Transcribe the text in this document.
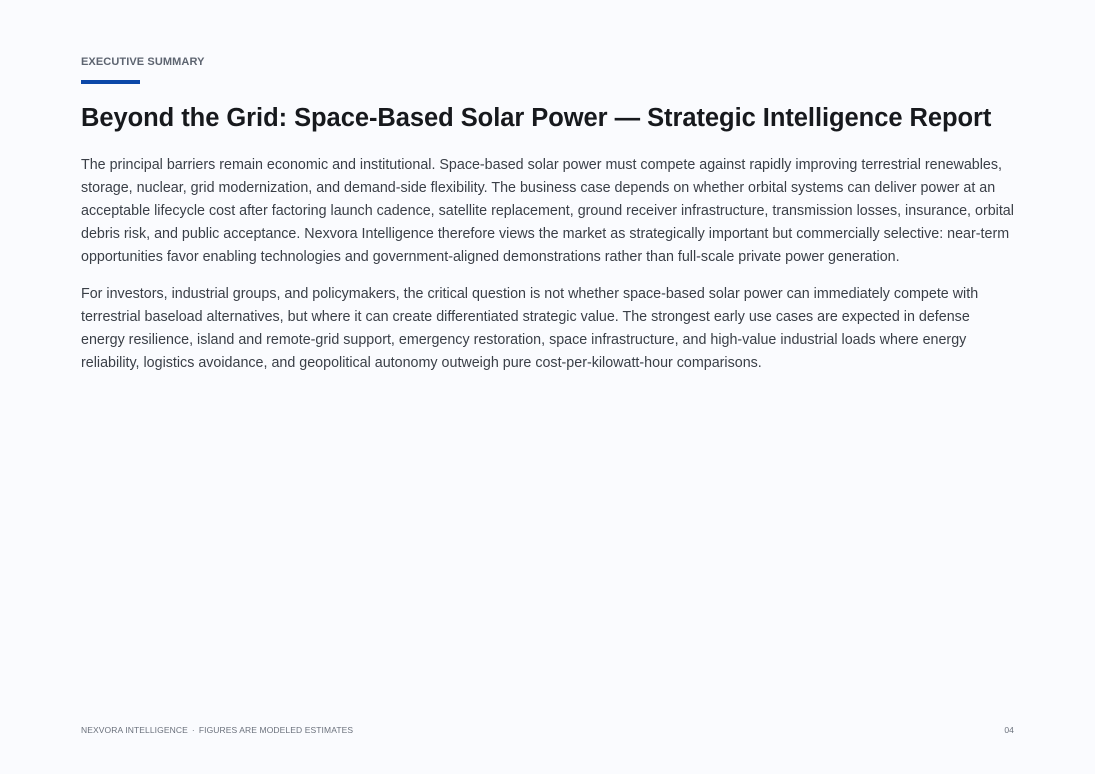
EXECUTIVE SUMMARY
Beyond the Grid: Space-Based Solar Power — Strategic Intelligence Report

The principal barriers remain economic and institutional. Space-based solar power must compete against rapidly improving terrestrial renewables, storage, nuclear, grid modernization, and demand-side flexibility. The business case depends on whether orbital systems can deliver power at an acceptable lifecycle cost after factoring launch cadence, satellite replacement, ground receiver infrastructure, transmission losses, insurance, orbital debris risk, and public acceptance. Nexvora Intelligence therefore views the market as strategically important but commercially selective: near-term opportunities favor enabling technologies and government-aligned demonstrations rather than full-scale private power generation.

For investors, industrial groups, and policymakers, the critical question is not whether space-based solar power can immediately compete with terrestrial baseload alternatives, but where it can create differentiated strategic value. The strongest early use cases are expected in defense energy resilience, island and remote-grid support, emergency restoration, space infrastructure, and high-value industrial loads where energy reliability, logistics avoidance, and geopolitical autonomy outweigh pure cost-per-kilowatt-hour comparisons.

NEXVORA INTELLIGENCE · FIGURES ARE MODELED ESTIMATES	04
